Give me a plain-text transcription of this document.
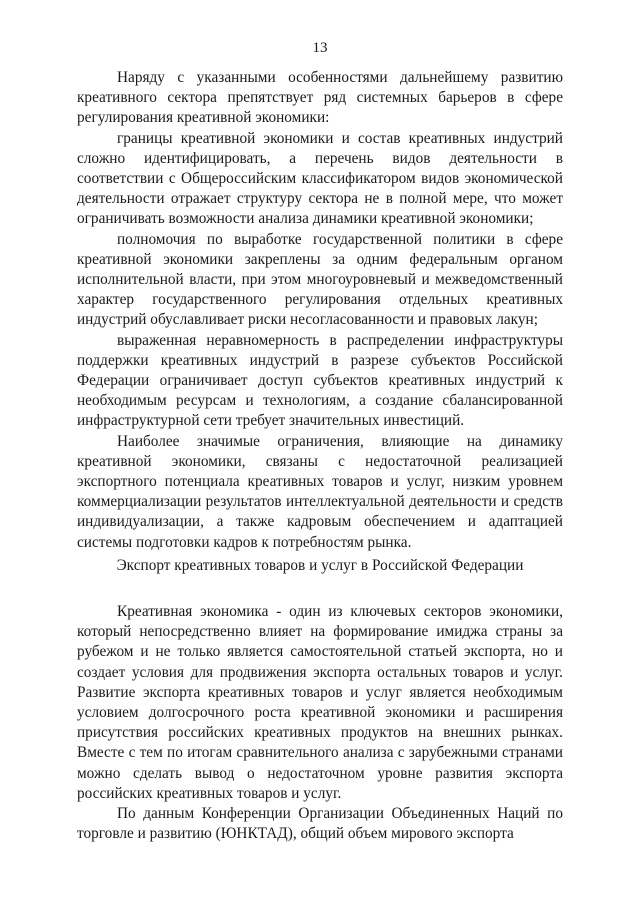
13

Наряду с указанными особенностями дальнейшему развитию креативного сектора препятствует ряд системных барьеров в сфере регулирования креативной экономики:

границы креативной экономики и состав креативных индустрий сложно идентифицировать, а перечень видов деятельности в соответствии с Общероссийским классификатором видов экономической деятельности отражает структуру сектора не в полной мере, что может ограничивать возможности анализа динамики креативной экономики;

полномочия по выработке государственной политики в сфере креативной экономики закреплены за одним федеральным органом исполнительной власти, при этом многоуровневый и межведомственный характер государственного регулирования отдельных креативных индустрий обуславливает риски несогласованности и правовых лакун;

выраженная неравномерность в распределении инфраструктуры поддержки креативных индустрий в разрезе субъектов Российской Федерации ограничивает доступ субъектов креативных индустрий к необходимым ресурсам и технологиям, а создание сбалансированной инфраструктурной сети требует значительных инвестиций.

Наиболее значимые ограничения, влияющие на динамику креативной экономики, связаны с недостаточной реализацией экспортного потенциала креативных товаров и услуг, низким уровнем коммерциализации результатов интеллектуальной деятельности и средств индивидуализации, а также кадровым обеспечением и адаптацией системы подготовки кадров к потребностям рынка.

Экспорт креативных товаров и услуг в Российской Федерации

Креативная экономика - один из ключевых секторов экономики, который непосредственно влияет на формирование имиджа страны за рубежом и не только является самостоятельной статьей экспорта, но и создает условия для продвижения экспорта остальных товаров и услуг. Развитие экспорта креативных товаров и услуг является необходимым условием долгосрочного роста креативной экономики и расширения присутствия российских креативных продуктов на внешних рынках. Вместе с тем по итогам сравнительного анализа с зарубежными странами можно сделать вывод о недостаточном уровне развития экспорта российских креативных товаров и услуг.

По данным Конференции Организации Объединенных Наций по торговле и развитию (ЮНКТАД), общий объем мирового экспорта
